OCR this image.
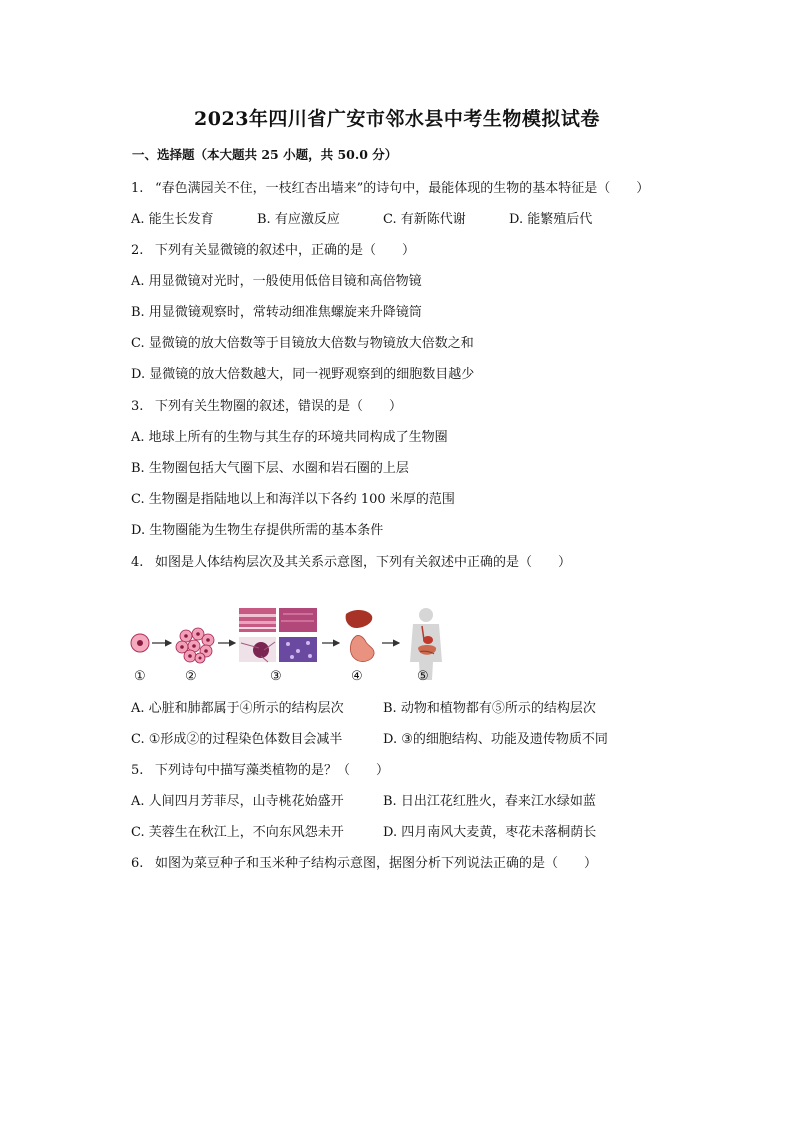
2023年四川省广安市邻水县中考生物模拟试卷
一、选择题（本大题共 25 小题，共 50.0 分）
1. “春色满园关不住，一枝红杏出墙来”的诗句中，最能体现的生物的基本特征是（　　）
A. 能生长发育	B. 有应激反应	C. 有新陈代谢	D. 能繁殖后代
2. 下列有关显微镜的叙述中，正确的是（　　）
A. 用显微镜对光时，一般使用低倍目镜和高倍物镜
B. 用显微镜观察时，常转动细准焦螺旋来升降镜筒
C. 显微镜的放大倍数等于目镜放大倍数与物镜放大倍数之和
D. 显微镜的放大倍数越大，同一视野观察到的细胞数目越少
3. 下列有关生物圈的叙述，错误的是（　　）
A. 地球上所有的生物与其生存的环境共同构成了生物圈
B. 生物圈包括大气圈下层、水圈和岩石圈的上层
C. 生物圈是指陆地以上和海洋以下各约 100 米厚的范围
D. 生物圈能为生物生存提供所需的基本条件
4. 如图是人体结构层次及其关系示意图，下列有关叙述中正确的是（　　）
①	②	③	④	⑤
A. 心脏和肺都属于④所示的结构层次	B. 动物和植物都有⑤所示的结构层次
C. ①形成②的过程染色体数目会减半	D. ③的细胞结构、功能及遗传物质不同
5. 下列诗句中描写藻类植物的是？（　　）
A. 人间四月芳菲尽，山寺桃花始盛开	B. 日出江花红胜火，春来江水绿如蓝
C. 芙蓉生在秋江上，不向东风怨未开	D. 四月南风大麦黄，枣花未落桐荫长
6. 如图为菜豆种子和玉米种子结构示意图，据图分析下列说法正确的是（　　）
